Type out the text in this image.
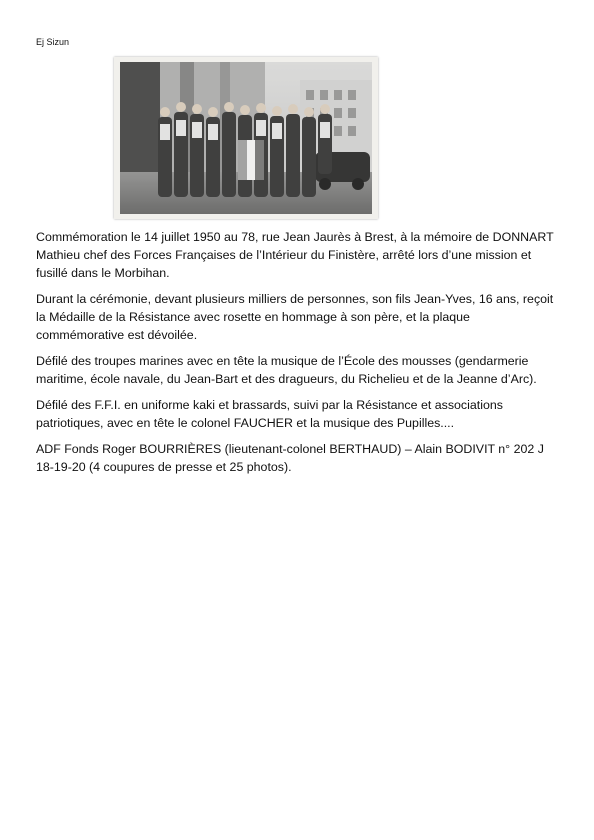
Ej Sizun

Commémoration le 14 juillet 1950 au 78, rue Jean Jaurès à Brest, à la mémoire de DONNART Mathieu chef des Forces Françaises de l’Intérieur du Finistère, arrêté lors d’une mission et fusillé dans le Morbihan.

Durant la cérémonie, devant plusieurs milliers de personnes, son fils Jean-Yves, 16 ans, reçoit la Médaille de la Résistance avec rosette en hommage à son père, et la plaque commémorative est dévoilée.

Défilé des troupes marines avec en tête la musique de l’École des mousses (gendarmerie maritime, école navale, du Jean-Bart et des dragueurs, du Richelieu et de la Jeanne d’Arc).

Défilé des F.F.I. en uniforme kaki et brassards, suivi par la Résistance et associations patriotiques, avec en tête le colonel FAUCHER et la musique des Pupilles....

ADF Fonds Roger BOURRIÈRES (lieutenant-colonel BERTHAUD) – Alain BODIVIT n° 202 J 18-19-20 (4 coupures de presse et 25 photos).
